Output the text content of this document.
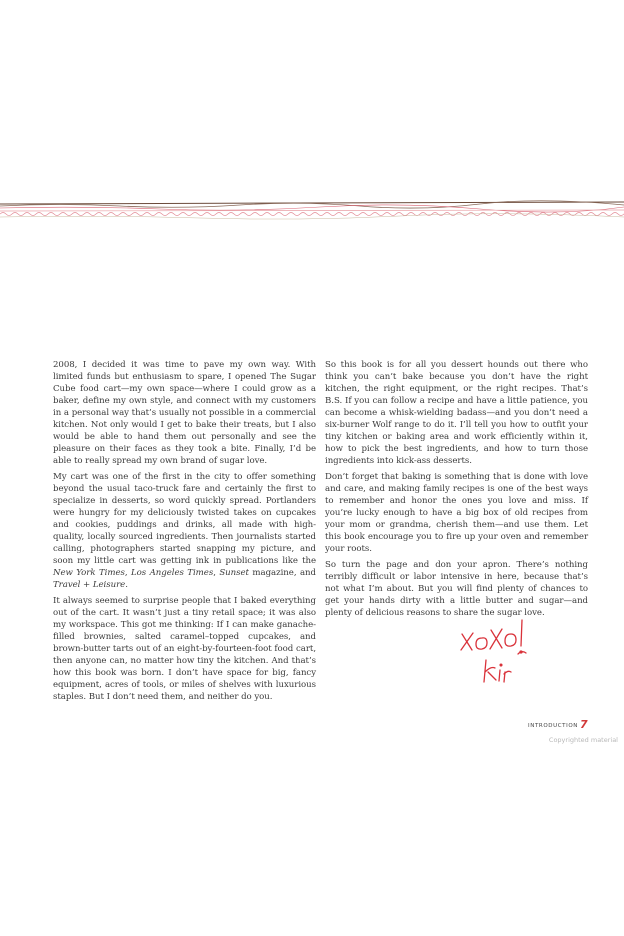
2008, I decided it was time to pave my own way. With limited funds but enthusiasm to spare, I opened The Sugar Cube food cart—my own space—where I could grow as a baker, define my own style, and connect with my customers in a personal way that’s usually not possible in a commercial kitchen. Not only would I get to bake their treats, but I also would be able to hand them out personally and see the pleasure on their faces as they took a bite. Finally, I’d be able to really spread my own brand of sugar love.

My cart was one of the first in the city to offer something beyond the usual taco-truck fare and certainly the first to specialize in desserts, so word quickly spread. Portlanders were hungry for my deliciously twisted takes on cupcakes and cookies, puddings and drinks, all made with high-quality, locally sourced ingredients. Then journalists started calling, photographers started snapping my picture, and soon my little cart was getting ink in publications like the New York Times, Los Angeles Times, Sunset magazine, and Travel + Leisure.

It always seemed to surprise people that I baked everything out of the cart. It wasn’t just a tiny retail space; it was also my workspace. This got me thinking: If I can make ganache-filled brownies, salted caramel–topped cupcakes, and brown-butter tarts out of an eight-by-fourteen-foot food cart, then anyone can, no matter how tiny the kitchen. And that’s how this book was born. I don’t have space for big, fancy equipment, acres of tools, or miles of shelves with luxurious staples. But I don’t need them, and neither do you.

So this book is for all you dessert hounds out there who think you can’t bake because you don’t have the right kitchen, the right equipment, or the right recipes. That’s B.S. If you can follow a recipe and have a little patience, you can become a whisk-wielding badass—and you don’t need a six-burner Wolf range to do it. I’ll tell you how to outfit your tiny kitchen or baking area and work efficiently within it, how to pick the best ingredients, and how to turn those ingredients into kick-ass desserts.

Don’t forget that baking is something that is done with love and care, and making family recipes is one of the best ways to remember and honor the ones you love and miss. If you’re lucky enough to have a big box of old recipes from your mom or grandma, cherish them—and use them. Let this book encourage you to fire up your oven and remember your roots.

So turn the page and don your apron. There’s nothing terribly difficult or labor intensive in here, because that’s not what I’m about. But you will find plenty of chances to get your hands dirty with a little butter and sugar—and plenty of delicious reasons to share the sugar love.

INTRODUCTION 7
Copyrighted material
